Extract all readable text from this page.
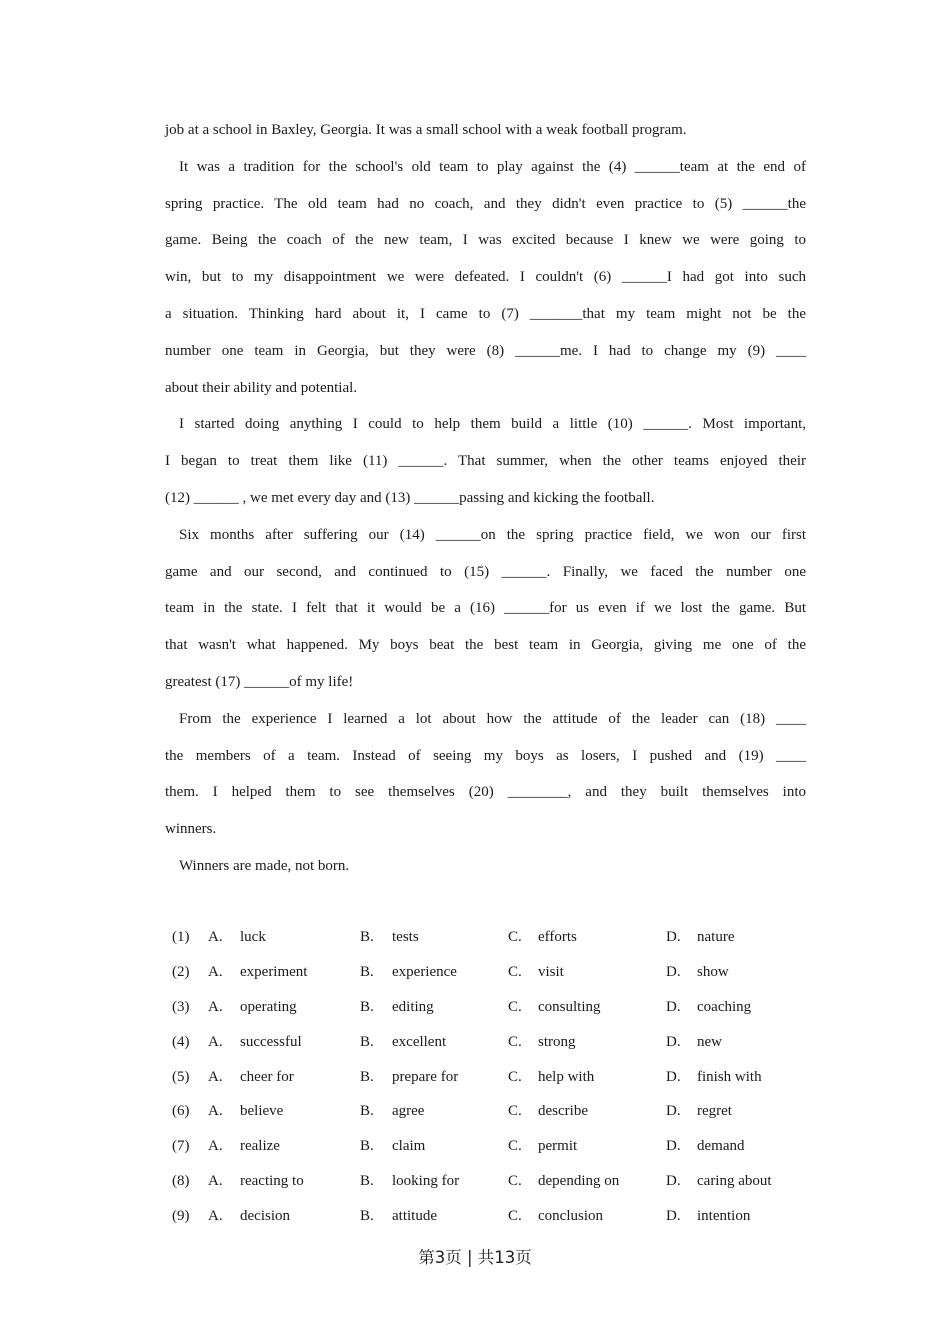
job at a school in Baxley, Georgia. It was a small school with a weak football program.
It was a tradition for the school's old team to play against the (4) ______team at the end of
spring practice. The old team had no coach, and they didn't even practice to (5) ______the
game. Being the coach of the new team, I was excited because I knew we were going to
win, but to my disappointment we were defeated. I couldn't (6) ______I had got into such
a situation. Thinking hard about it, I came to (7) _______that my team might not be the
number one team in Georgia, but they were (8) ______me. I had to change my (9) ____
about their ability and potential.
I started doing anything I could to help them build a little (10) ______. Most important,
I began to treat them like (11) ______. That summer, when the other teams enjoyed their
(12) ______ , we met every day and (13) ______passing and kicking the football.
Six months after suffering our (14) ______on the spring practice field, we won our first
game and our second, and continued to (15) ______. Finally, we faced the number one
team in the state. I felt that it would be a (16) ______for us even if we lost the game. But
that wasn't what happened. My boys beat the best team in Georgia, giving me one of the
greatest (17) ______of my life!
From the experience I learned a lot about how the attitude of the leader can (18) ____
the members of a team. Instead of seeing my boys as losers, I pushed and (19) ____
them. I helped them to see themselves (20) ________, and they built themselves into
winners.
Winners are made, not born.
(1)	A.	luck	B.	tests	C.	efforts	D.	nature
(2)	A.	experiment	B.	experience	C.	visit	D.	show
(3)	A.	operating	B.	editing	C.	consulting	D.	coaching
(4)	A.	successful	B.	excellent	C.	strong	D.	new
(5)	A.	cheer for	B.	prepare for	C.	help with	D.	finish with
(6)	A.	believe	B.	agree	C.	describe	D.	regret
(7)	A.	realize	B.	claim	C.	permit	D.	demand
(8)	A.	reacting to	B.	looking for	C.	depending on	D.	caring about
(9)	A.	decision	B.	attitude	C.	conclusion	D.	intention
第3页 | 共13页
